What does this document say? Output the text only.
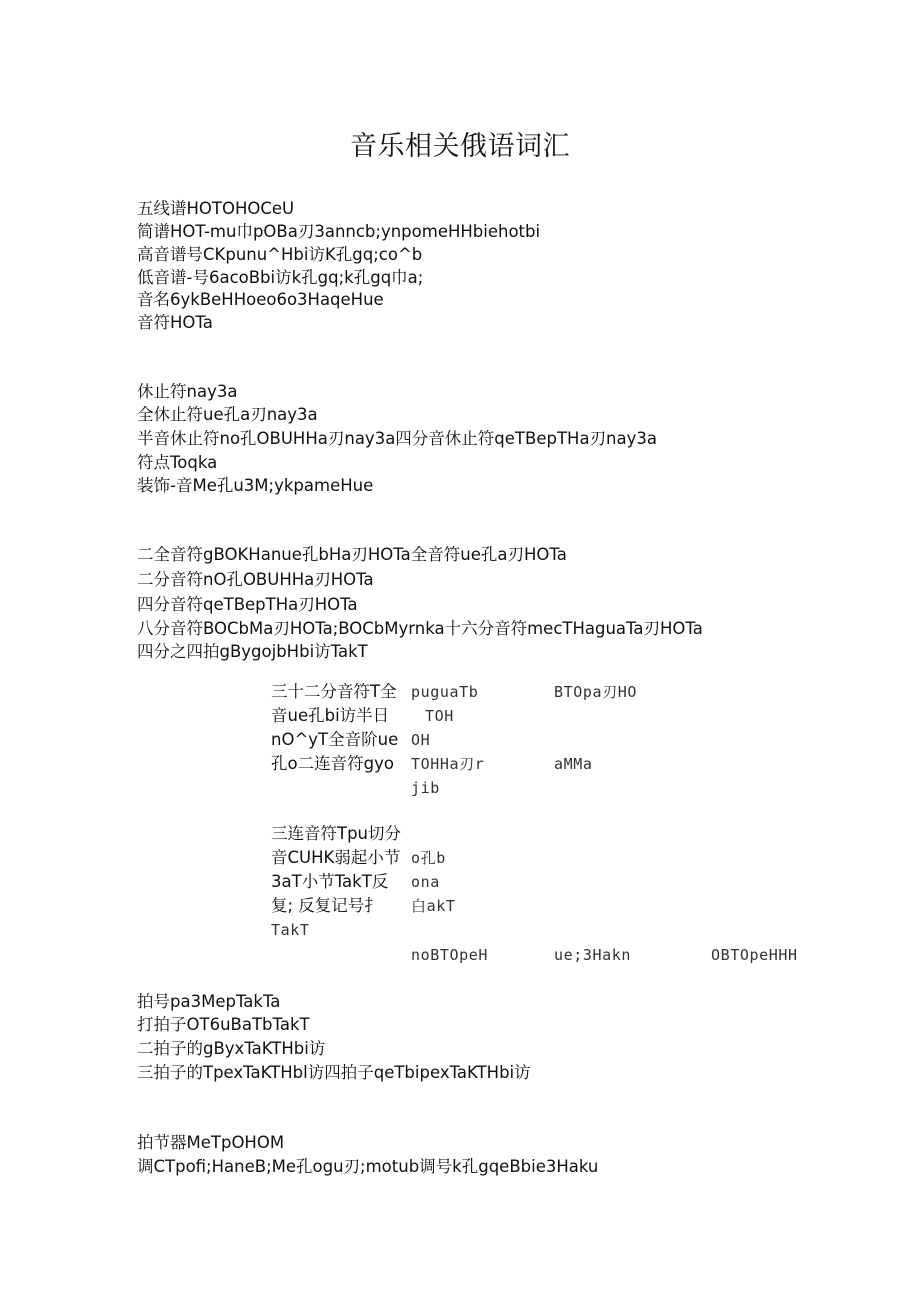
音乐相关俄语词汇
五线谱HOTOHOCeU
简谱HOT-mu巾pOBa刃3anncb;ynpomeHHbiehotbi
高音谱号CKpunu^Hbi访K孔gq;co^b
低音谱-号6acoBbi访k孔gq;k孔gq巾a;
音名6ykBeHHoeo6o3HaqeHue
音符HOTa
休止符nay3a
全休止符ue孔a刃nay3a
半音休止符no孔OBUHHa刃nay3a四分音休止符qeTBepTHa刃nay3a
符点Toqka
装饰-音Me孔u3M;ykpameHue
二全音符gBOKHanue孔bHa刃HOTa全音符ue孔a刃HOTa
二分音符nO孔OBUHHa刃HOTa
四分音符qeTBepTHa刃HOTa
八分音符BOCbMa刃HOTa;BOCbMyrnka十六分音符mecTHaguaTa刃HOTa
四分之四拍gBygojbHbi访TakT
三十二分音符T全
音ue孔bi访半日
nO^yT全音阶ue
孔o二连音符gyo
puguaTb
TOH
OH
TOHHa刃r
jib
BTOpa刃HO
aMMa
三连音符Tpu切分
音CUHK弱起小节
3aT小节TakT反
复; 反复记号扌
TakT
o孔b
ona
白akT
noBTOpeH	ue;3Hakn	OBTOpeHHH
拍号pa3MepTakTa
打拍子OT6uBaTbTakT
二拍子的gByxTaKTHbi访
三拍子的TpexTaKTHbl访四拍子qeTbipexTaKTHbi访
拍节器MeTpOHOM
调CTpofi;HaneB;Me孔ogu刃;motub调号k孔gqeBbie3Haku
